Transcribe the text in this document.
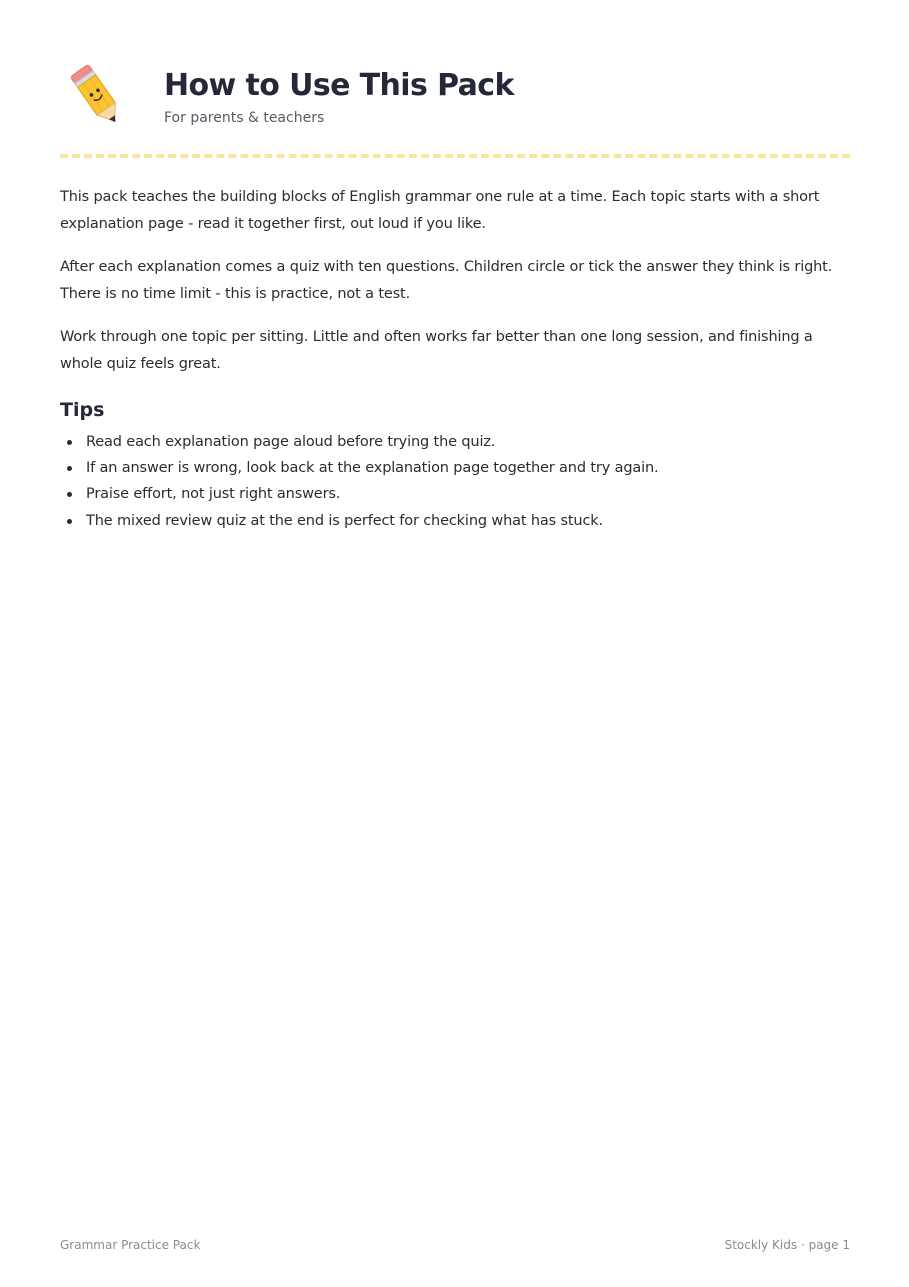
How to Use This Pack
For parents & teachers

This pack teaches the building blocks of English grammar one rule at a time. Each topic starts with a short explanation page - read it together first, out loud if you like.

After each explanation comes a quiz with ten questions. Children circle or tick the answer they think is right. There is no time limit - this is practice, not a test.

Work through one topic per sitting. Little and often works far better than one long session, and finishing a whole quiz feels great.

Tips
Read each explanation page aloud before trying the quiz.
If an answer is wrong, look back at the explanation page together and try again.
Praise effort, not just right answers.
The mixed review quiz at the end is perfect for checking what has stuck.
Grammar Practice Pack	Stockly Kids · page 1
